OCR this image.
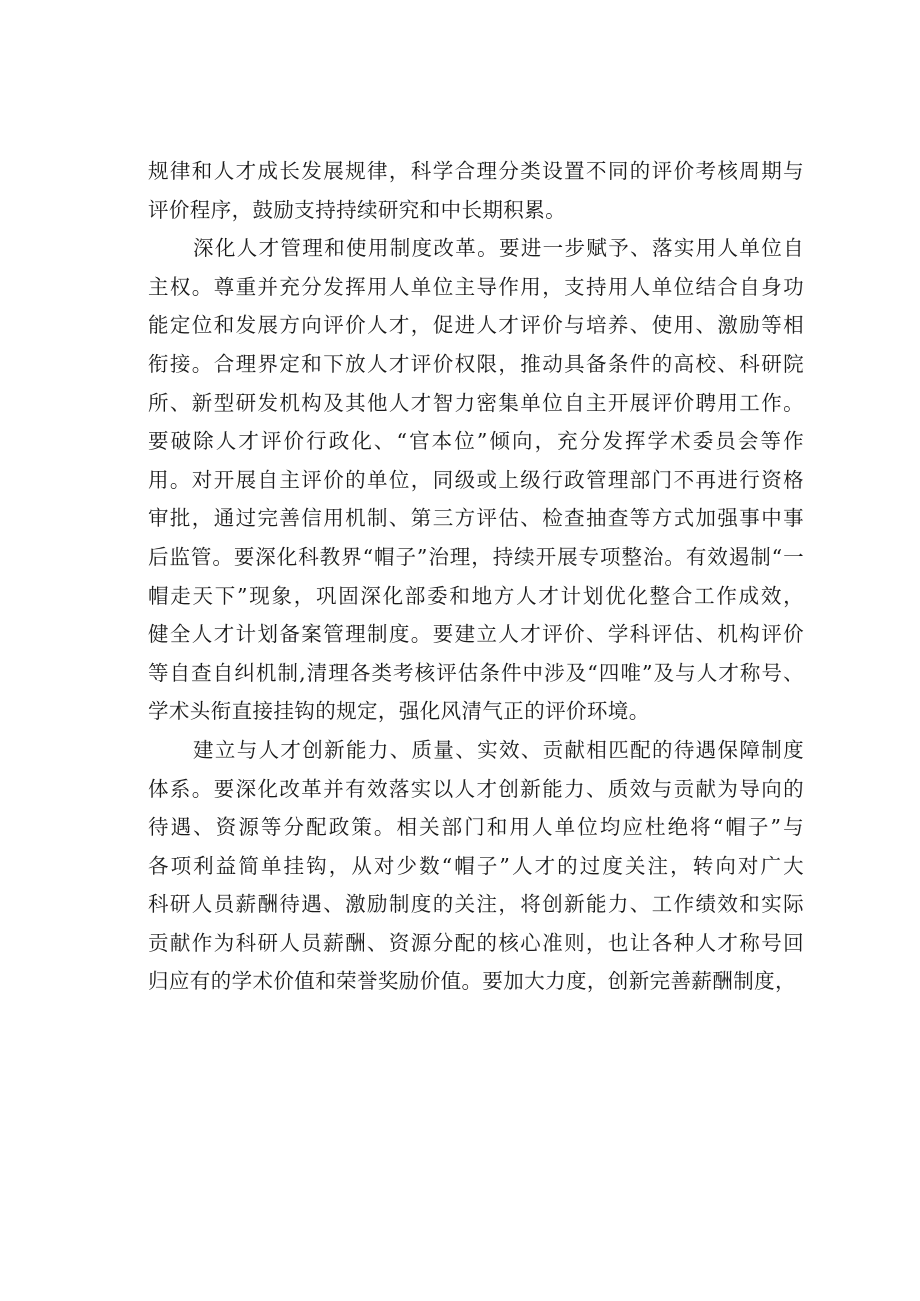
规律和人才成长发展规律，科学合理分类设置不同的评价考核周期与
评价程序，鼓励支持持续研究和中长期积累。

深化人才管理和使用制度改革。要进一步赋予、落实用人单位自
主权。尊重并充分发挥用人单位主导作用，支持用人单位结合自身功
能定位和发展方向评价人才，促进人才评价与培养、使用、激励等相
衔接。合理界定和下放人才评价权限，推动具备条件的高校、科研院
所、新型研发机构及其他人才智力密集单位自主开展评价聘用工作。
要破除人才评价行政化、“官本位”倾向，充分发挥学术委员会等作
用。对开展自主评价的单位，同级或上级行政管理部门不再进行资格
审批，通过完善信用机制、第三方评估、检查抽查等方式加强事中事
后监管。要深化科教界“帽子”治理，持续开展专项整治。有效遏制“一
帽走天下”现象，巩固深化部委和地方人才计划优化整合工作成效，
健全人才计划备案管理制度。要建立人才评价、学科评估、机构评价
等自查自纠机制,清理各类考核评估条件中涉及“四唯”及与人才称号、
学术头衔直接挂钩的规定，强化风清气正的评价环境。

建立与人才创新能力、质量、实效、贡献相匹配的待遇保障制度
体系。要深化改革并有效落实以人才创新能力、质效与贡献为导向的
待遇、资源等分配政策。相关部门和用人单位均应杜绝将“帽子”与
各项利益简单挂钩，从对少数“帽子”人才的过度关注，转向对广大
科研人员薪酬待遇、激励制度的关注，将创新能力、工作绩效和实际
贡献作为科研人员薪酬、资源分配的核心准则，也让各种人才称号回
归应有的学术价值和荣誉奖励价值。要加大力度，创新完善薪酬制度，
